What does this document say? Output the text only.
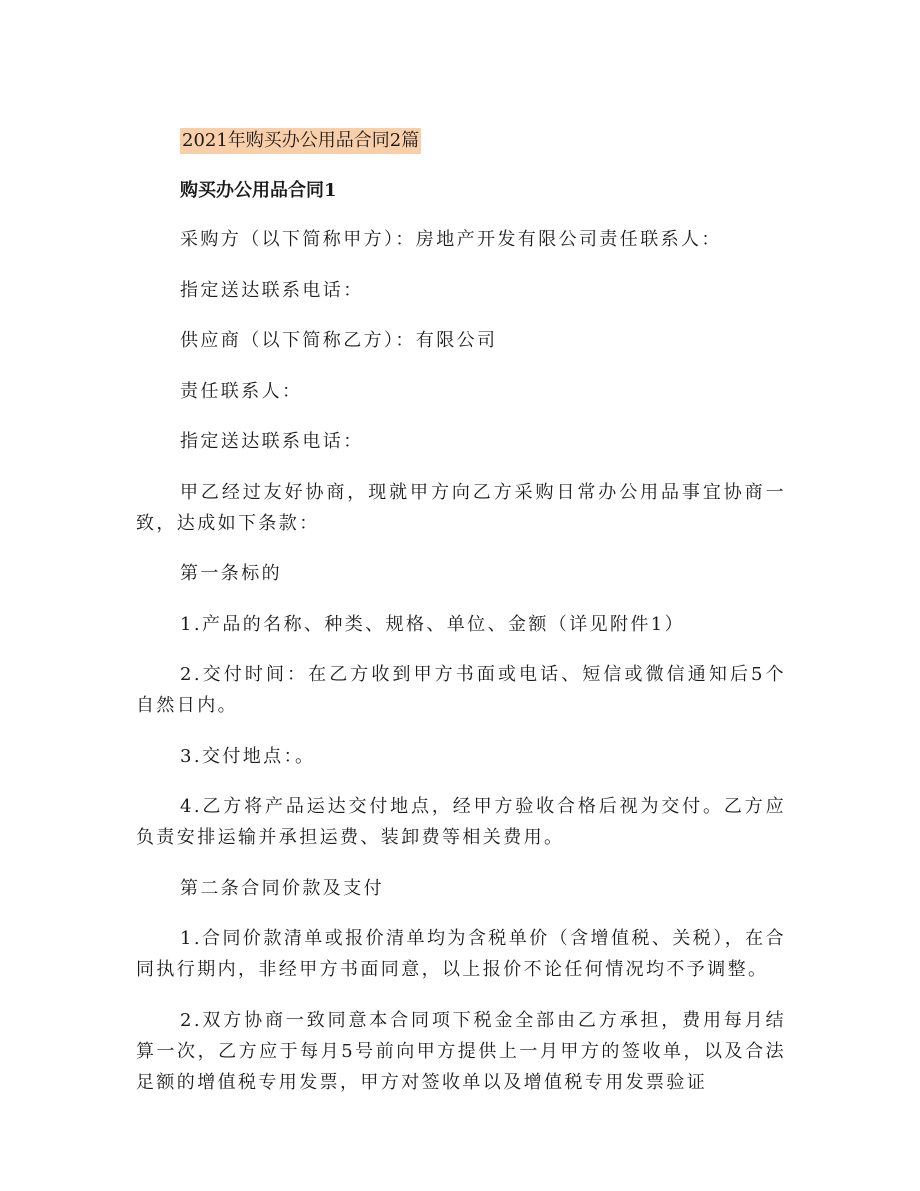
2021年购买办公用品合同2篇
购买办公用品合同1

采购方（以下简称甲方）：房地产开发有限公司责任联系人：

指定送达联系电话：

供应商（以下简称乙方）：有限公司

责任联系人：

指定送达联系电话：

甲乙经过友好协商，现就甲方向乙方采购日常办公用品事宜协商一致，达成如下条款：

第一条标的

1.产品的名称、种类、规格、单位、金额（详见附件1）

2.交付时间：在乙方收到甲方书面或电话、短信或微信通知后5个自然日内。

3.交付地点：。

4.乙方将产品运达交付地点，经甲方验收合格后视为交付。乙方应负责安排运输并承担运费、装卸费等相关费用。

第二条合同价款及支付

1.合同价款清单或报价清单均为含税单价（含增值税、关税），在合同执行期内，非经甲方书面同意，以上报价不论任何情况均不予调整。

2.双方协商一致同意本合同项下税金全部由乙方承担，费用每月结算一次，乙方应于每月5号前向甲方提供上一月甲方的签收单，以及合法足额的增值税专用发票，甲方对签收单以及增值税专用发票验证
